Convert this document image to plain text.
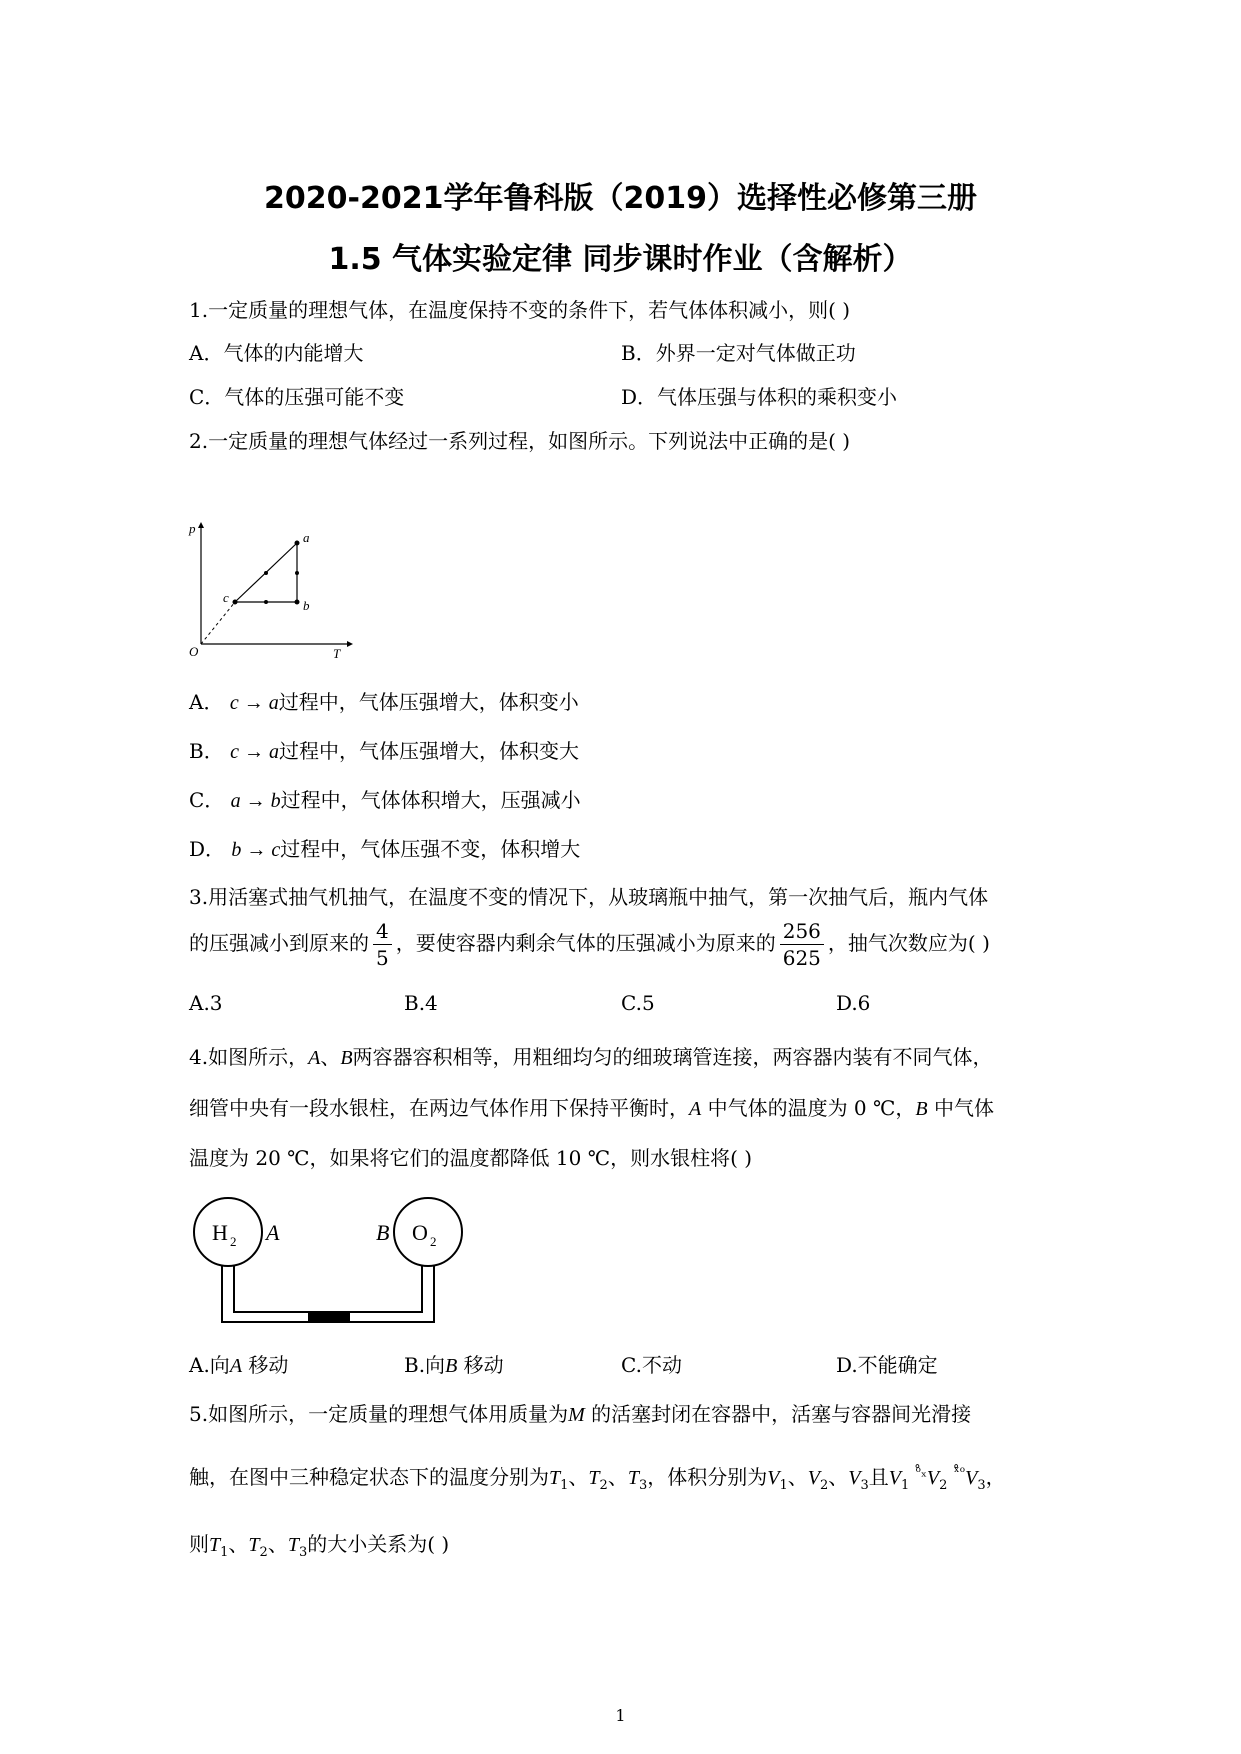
2020-2021学年鲁科版（2019）选择性必修第三册
1.5 气体实验定律 同步课时作业（含解析）
1.一定质量的理想气体，在温度保持不变的条件下，若气体体积减小，则( )
A．气体的内能增大	B．外界一定对气体做正功
C．气体的压强可能不变	D．气体压强与体积的乘积变小
2.一定质量的理想气体经过一系列过程，如图所示。下列说法中正确的是( )
p
T
O
a
b
c
A． c → a过程中，气体压强增大，体积变小
B． c → a过程中，气体压强增大，体积变大
C． a → b过程中，气体体积增大，压强减小
D． b → c过程中，气体压强不变，体积增大
3.用活塞式抽气机抽气，在温度不变的情况下，从玻璃瓶中抽气，第一次抽气后，瓶内气体
的压强减小到原来的 $\frac{4}{5}$ ，要使容器内剩余气体的压强减小为原来的 $\frac{256}{625}$ ，抽气次数应为( )
A.3	B.4	C.5	D.6
4.如图所示，A、B两容器容积相等，用粗细均匀的细玻璃管连接，两容器内装有不同气体，
细管中央有一段水银柱，在两边气体作用下保持平衡时，A 中气体的温度为 0 ℃，B 中气体
温度为 20 ℃，如果将它们的温度都降低 10 ℃，则水银柱将( )
H 2 A	O 2
B
A.向A 移动	B.向B 移动	C.不动	D.不能确定
5.如图所示，一定质量的理想气体用质量为M 的活塞封闭在容器中，活塞与容器间光滑接
触，在图中三种稳定状态下的温度分别为$T_1$、$T_2$、$T_3$，体积分别为$V_1$、$V_2$、$V_3$且$V_1$ $^{ᵒ̊_x}V_2$ $^{ˣ̊ᵒ}V_3$，
则$T_1$、$T_2$、$T_3$的大小关系为( )
1
